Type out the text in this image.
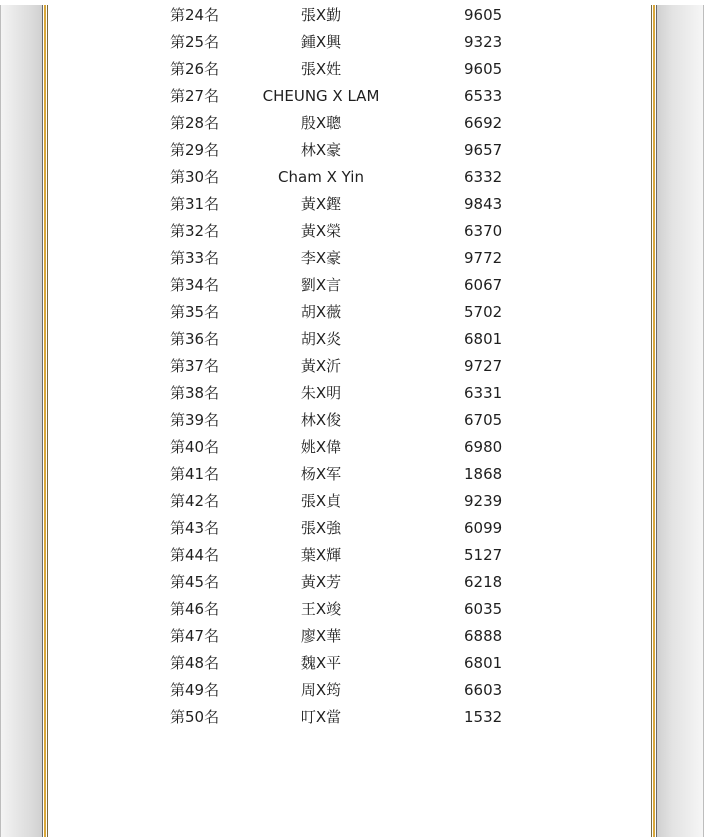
第24名	張X勤	9605
第25名	鍾X興	9323
第26名	張X姓	9605
第27名	CHEUNG X LAM	6533
第28名	殷X聰	6692
第29名	林X豪	9657
第30名	Cham X Yin	6332
第31名	黃X鏗	9843
第32名	黃X榮	6370
第33名	李X豪	9772
第34名	劉X言	6067
第35名	胡X薇	5702
第36名	胡X炎	6801
第37名	黃X沂	9727
第38名	朱X明	6331
第39名	林X俊	6705
第40名	姚X偉	6980
第41名	杨X军	1868
第42名	張X貞	9239
第43名	張X強	6099
第44名	葉X輝	5127
第45名	黃X芳	6218
第46名	王X竣	6035
第47名	廖X華	6888
第48名	魏X平	6801
第49名	周X筠	6603
第50名	叮X當	1532
